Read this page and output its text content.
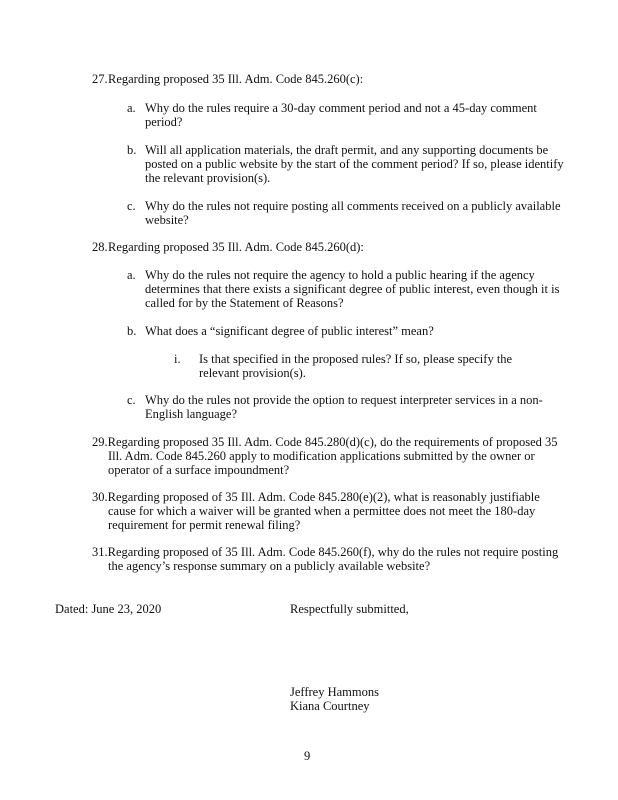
27.Regarding proposed 35 Ill. Adm. Code 845.260(c):
a. Why do the rules require a 30-day comment period and not a 45-day comment period?
b. Will all application materials, the draft permit, and any supporting documents be posted on a public website by the start of the comment period? If so, please identify the relevant provision(s).
c. Why do the rules not require posting all comments received on a publicly available website?
28.Regarding proposed 35 Ill. Adm. Code 845.260(d):
a. Why do the rules not require the agency to hold a public hearing if the agency determines that there exists a significant degree of public interest, even though it is called for by the Statement of Reasons?
b. What does a “significant degree of public interest” mean?
i. Is that specified in the proposed rules? If so, please specify the relevant provision(s).
c. Why do the rules not provide the option to request interpreter services in a non-English language?
29.Regarding proposed 35 Ill. Adm. Code 845.280(d)(c), do the requirements of proposed 35 Ill. Adm. Code 845.260 apply to modification applications submitted by the owner or operator of a surface impoundment?
30.Regarding proposed of 35 Ill. Adm. Code 845.280(e)(2), what is reasonably justifiable cause for which a waiver will be granted when a permittee does not meet the 180-day requirement for permit renewal filing?
31.Regarding proposed of 35 Ill. Adm. Code 845.260(f), why do the rules not require posting the agency’s response summary on a publicly available website?
Dated: June 23, 2020	Respectfully submitted,
Jeffrey Hammons
Kiana Courtney
9
